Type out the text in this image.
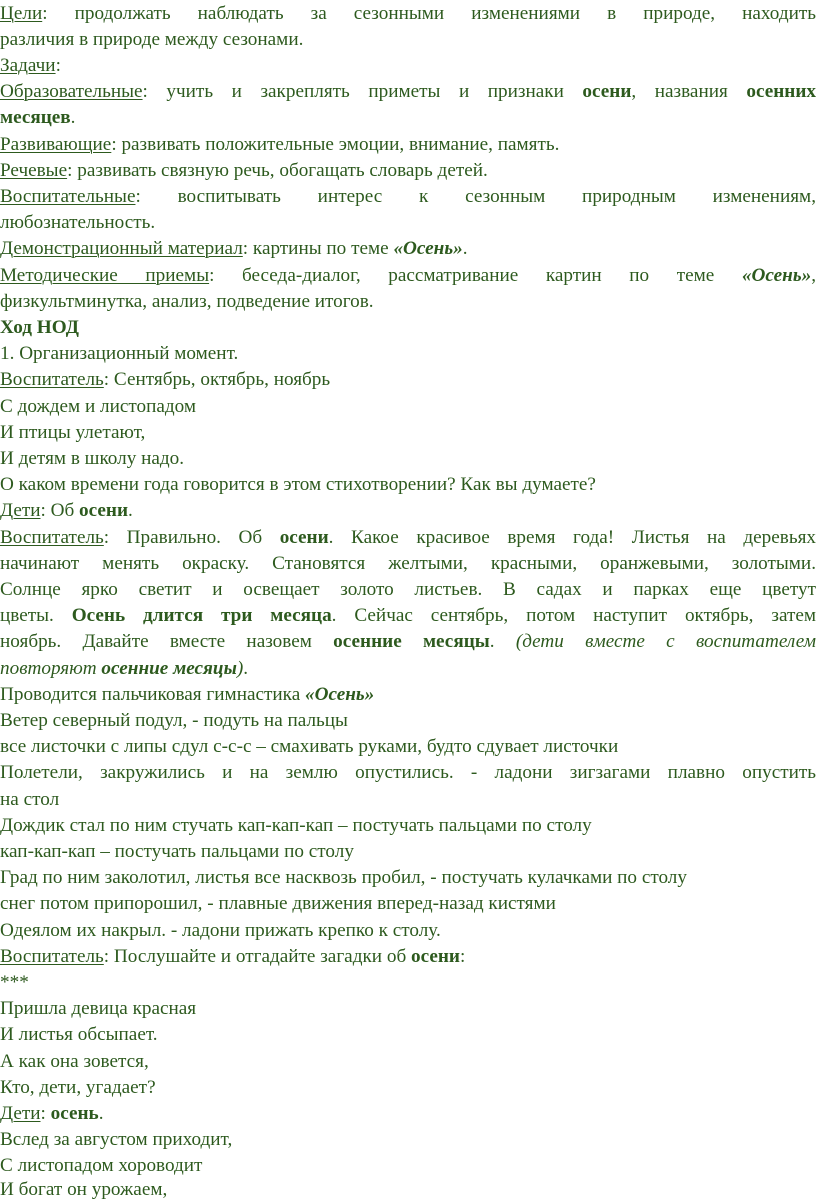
Цели: продолжать наблюдать за сезонными изменениями в природе, находить
различия в природе между сезонами.
Задачи:
Образовательные: учить и закреплять приметы и признаки осени, названия осенних
месяцев.
Развивающие: развивать положительные эмоции, внимание, память.
Речевые: развивать связную речь, обогащать словарь детей.
Воспитательные: воспитывать интерес к сезонным природным изменениям,
любознательность.
Демонстрационный материал: картины по теме «Осень».
Методические приемы: беседа-диалог, рассматривание картин по теме «Осень»,
физкультминутка, анализ, подведение итогов.
Ход НОД
1. Организационный момент.
Воспитатель: Сентябрь, октябрь, ноябрь
С дождем и листопадом
И птицы улетают,
И детям в школу надо.
О каком времени года говорится в этом стихотворении? Как вы думаете?
Дети: Об осени.
Воспитатель: Правильно. Об осени. Какое красивое время года! Листья на деревьях
начинают менять окраску. Становятся желтыми, красными, оранжевыми, золотыми.
Солнце ярко светит и освещает золото листьев. В садах и парках еще цветут
цветы. Осень длится три месяца. Сейчас сентябрь, потом наступит октябрь, затем
ноябрь. Давайте вместе назовем осенние месяцы. (дети вместе с воспитателем
повторяют осенние месяцы).
Проводится пальчиковая гимнастика «Осень»
Ветер северный подул, - подуть на пальцы
все листочки с липы сдул с-с-с – смахивать руками, будто сдувает листочки
Полетели, закружились и на землю опустились. - ладони зигзагами плавно опустить
на стол
Дождик стал по ним стучать кап-кап-кап – постучать пальцами по столу
кап-кап-кап – постучать пальцами по столу
Град по ним заколотил, листья все насквозь пробил, - постучать кулачками по столу
снег потом припорошил, - плавные движения вперед-назад кистями
Одеялом их накрыл. - ладони прижать крепко к столу.
Воспитатель: Послушайте и отгадайте загадки об осени:
***
Пришла девица красная
И листья обсыпает.
А как она зовется,
Кто, дети, угадает?
Дети: осень.
Вслед за августом приходит,
С листопадом хороводит
И богат он урожаем,
